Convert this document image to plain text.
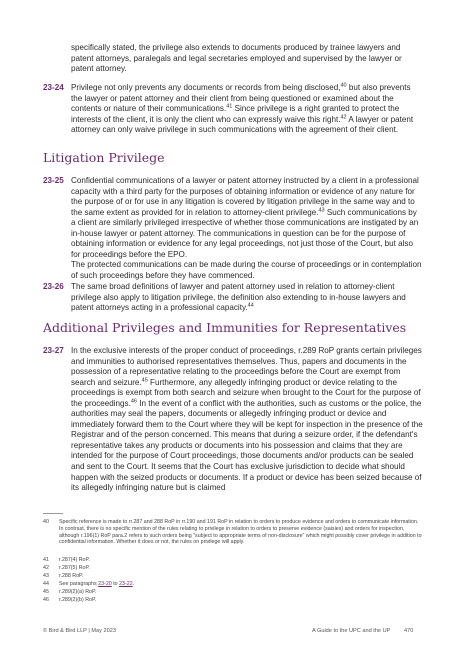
specifically stated, the privilege also extends to documents produced by trainee lawyers and patent attorneys, paralegals and legal secretaries employed and supervised by the lawyer or patent attorney.

23-24 Privilege not only prevents any documents or records from being disclosed,$^{40}$ but also prevents the lawyer or patent attorney and their client from being questioned or examined about the contents or nature of their communications.$^{41}$ Since privilege is a right granted to protect the interests of the client, it is only the client who can expressly waive this right.$^{42}$ A lawyer or patent attorney can only waive privilege in such communications with the agreement of their client.

Litigation Privilege
23-25 Confidential communications of a lawyer or patent attorney instructed by a client in a professional capacity with a third party for the purposes of obtaining information or evidence of any nature for the purpose of or for use in any litigation is covered by litigation privilege in the same way and to the same extent as provided for in relation to attorney-client privilege.$^{43}$ Such communications by a client are similarly privileged irrespective of whether those communications are instigated by an in-house lawyer or patent attorney. The communications in question can be for the purpose of obtaining information or evidence for any legal proceedings, not just those of the Court, but also for proceedings before the EPO.

The protected communications can be made during the course of proceedings or in contemplation of such proceedings before they have commenced.

23-26 The same broad definitions of lawyer and patent attorney used in relation to attorney-client privilege also apply to litigation privilege, the definition also extending to in-house lawyers and patent attorneys acting in a professional capacity.$^{44}$

Additional Privileges and Immunities for Representatives
23-27 In the exclusive interests of the proper conduct of proceedings, r.289 RoP grants certain privileges and immunities to authorised representatives themselves. Thus, papers and documents in the possession of a representative relating to the proceedings before the Court are exempt from search and seizure.$^{45}$ Furthermore, any allegedly infringing product or device relating to the proceedings is exempt from both search and seizure when brought to the Court for the purpose of the proceedings.$^{46}$ In the event of a conflict with the authorities, such as customs or the police, the authorities may seal the papers, documents or allegedly infringing product or device and immediately forward them to the Court where they will be kept for inspection in the presence of the Registrar and of the person concerned. This means that during a seizure order, if the defendant's representative takes any products or documents into his possession and claims that they are intended for the purpose of Court proceedings, those documents and/or products can be sealed and sent to the Court. It seems that the Court has exclusive jurisdiction to decide what should happen with the seized products or documents. If a product or device has been seized because of its allegedly infringing nature but is claimed

40	Specific reference is made to rr.287 and 288 RoP in rr.190 and 191 RoP in relation to orders to produce evidence and orders to communicate information. In contrast, there is no specific mention of the rules relating to privilege in relation to orders to preserve evidence (saisies) and orders for inspection, although r.196(1) RoP para.2 refers to such orders being "subject to appropriate terms of non-disclosure" which might possibly cover privilege in addition to confidential information. Whether it does or not, the rules on privilege will apply.
41	r.287(4) RoP.
42	r.287(5) RoP.
43	r.288 RoP.
44	See paragraphs 23-20 to 23-22.
45	r.289(2)(a) RoP.
46	r.289(2)(b) RoP.
© Bird & Bird LLP | May 2023	A Guide to the UPC and the UP 470
